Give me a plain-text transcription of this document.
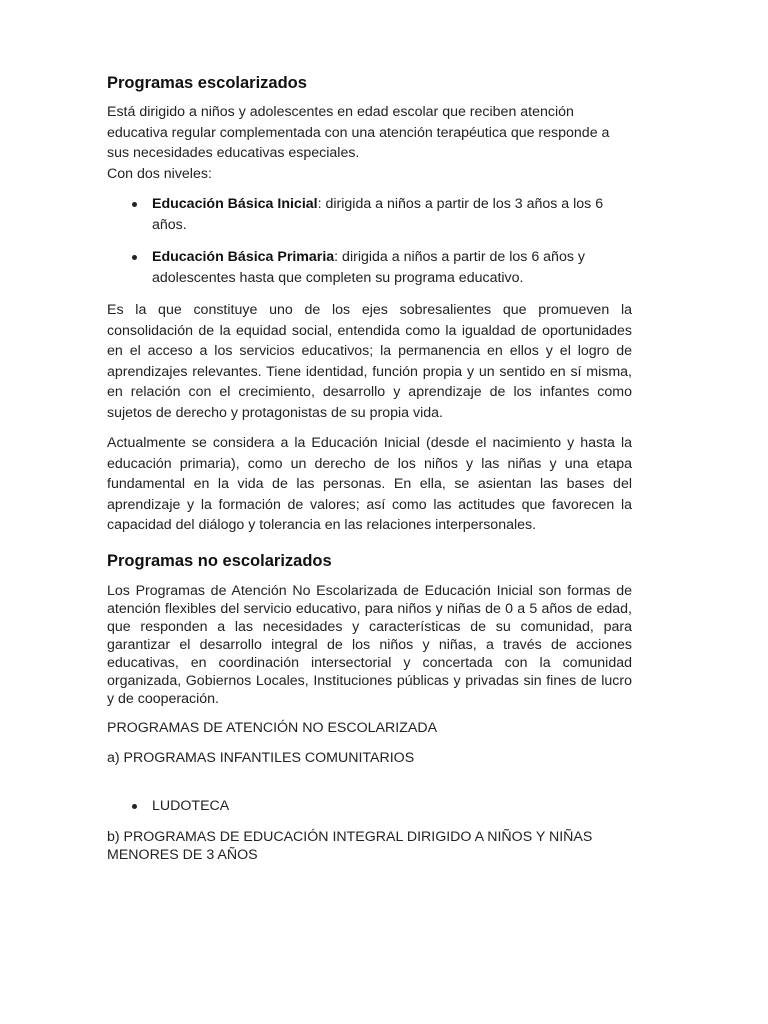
Programas escolarizados

Está dirigido a niños y adolescentes en edad escolar que reciben atención educativa regular complementada con una atención terapéutica que responde a sus necesidades educativas especiales.

Con dos niveles:

Educación Básica Inicial: dirigida a niños a partir de los 3 años a los 6 años.
Educación Básica Primaria: dirigida a niños a partir de los 6 años y adolescentes hasta que completen su programa educativo.

Es la que constituye uno de los ejes sobresalientes que promueven la consolidación de la equidad social, entendida como la igualdad de oportunidades en el acceso a los servicios educativos; la permanencia en ellos y el logro de aprendizajes relevantes. Tiene identidad, función propia y un sentido en sí misma, en relación con el crecimiento, desarrollo y aprendizaje de los infantes como sujetos de derecho y protagonistas de su propia vida.

Actualmente se considera a la Educación Inicial (desde el nacimiento y hasta la educación primaria), como un derecho de los niños y las niñas y una etapa fundamental en la vida de las personas. En ella, se asientan las bases del aprendizaje y la formación de valores; así como las actitudes que favorecen la capacidad del diálogo y tolerancia en las relaciones interpersonales.

Programas no escolarizados

Los Programas de Atención No Escolarizada de Educación Inicial son formas de atención flexibles del servicio educativo, para niños y niñas de 0 a 5 años de edad, que responden a las necesidades y características de su comunidad, para garantizar el desarrollo integral de los niños y niñas, a través de acciones educativas, en coordinación intersectorial y concertada con la comunidad organizada, Gobiernos Locales, Instituciones públicas y privadas sin fines de lucro y de cooperación.

PROGRAMAS DE ATENCIÓN NO ESCOLARIZADA

a) PROGRAMAS INFANTILES COMUNITARIOS

LUDOTECA

b) PROGRAMAS DE EDUCACIÓN INTEGRAL DIRIGIDO A NIÑOS Y NIÑAS MENORES DE 3 AÑOS
